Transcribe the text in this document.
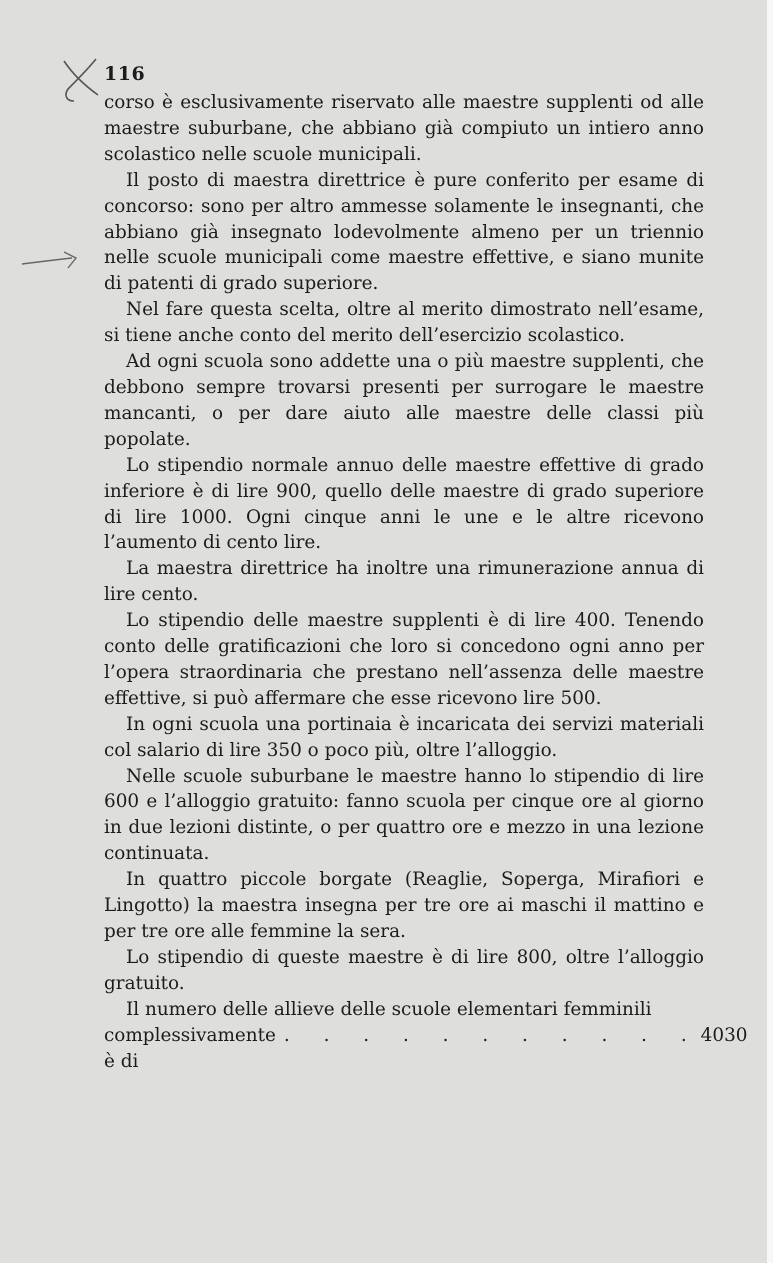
116

corso è esclusivamente riservato alle maestre supplenti od alle maestre suburbane, che abbiano già compiuto un intiero anno scolastico nelle scuole municipali.

Il posto di maestra direttrice è pure conferito per esame di concorso: sono per altro ammesse solamente le insegnanti, che abbiano già insegnato lodevolmente almeno per un triennio nelle scuole municipali come maestre effettive, e siano munite di patenti di grado superiore.

Nel fare questa scelta, oltre al merito dimostrato nell’esame, si tiene anche conto del merito dell’esercizio scolastico.

Ad ogni scuola sono addette una o più maestre supplenti, che debbono sempre trovarsi presenti per surrogare le maestre mancanti, o per dare aiuto alle maestre delle classi più popolate.

Lo stipendio normale annuo delle maestre effettive di grado inferiore è di lire 900, quello delle maestre di grado superiore di lire 1000. Ogni cinque anni le une e le altre ricevono l’aumento di cento lire.

La maestra direttrice ha inoltre una rimunerazione annua di lire cento.

Lo stipendio delle maestre supplenti è di lire 400. Tenendo conto delle gratificazioni che loro si concedono ogni anno per l’opera straordinaria che prestano nell’assenza delle maestre effettive, si può affermare che esse ricevono lire 500.

In ogni scuola una portinaia è incaricata dei servizi materiali col salario di lire 350 o poco più, oltre l’alloggio.

Nelle scuole suburbane le maestre hanno lo stipendio di lire 600 e l’alloggio gratuito: fanno scuola per cinque ore al giorno in due lezioni distinte, o per quattro ore e mezzo in una lezione continuata.

In quattro piccole borgate (Reaglie, Soperga, Mirafiori e Lingotto) la maestra insegna per tre ore ai maschi il mattino e per tre ore alle femmine la sera.

Lo stipendio di queste maestre è di lire 800, oltre l’alloggio gratuito.

Il numero delle allieve delle scuole elementari femminili

complessivamente è di
. . . . . . . . . . . 4030
